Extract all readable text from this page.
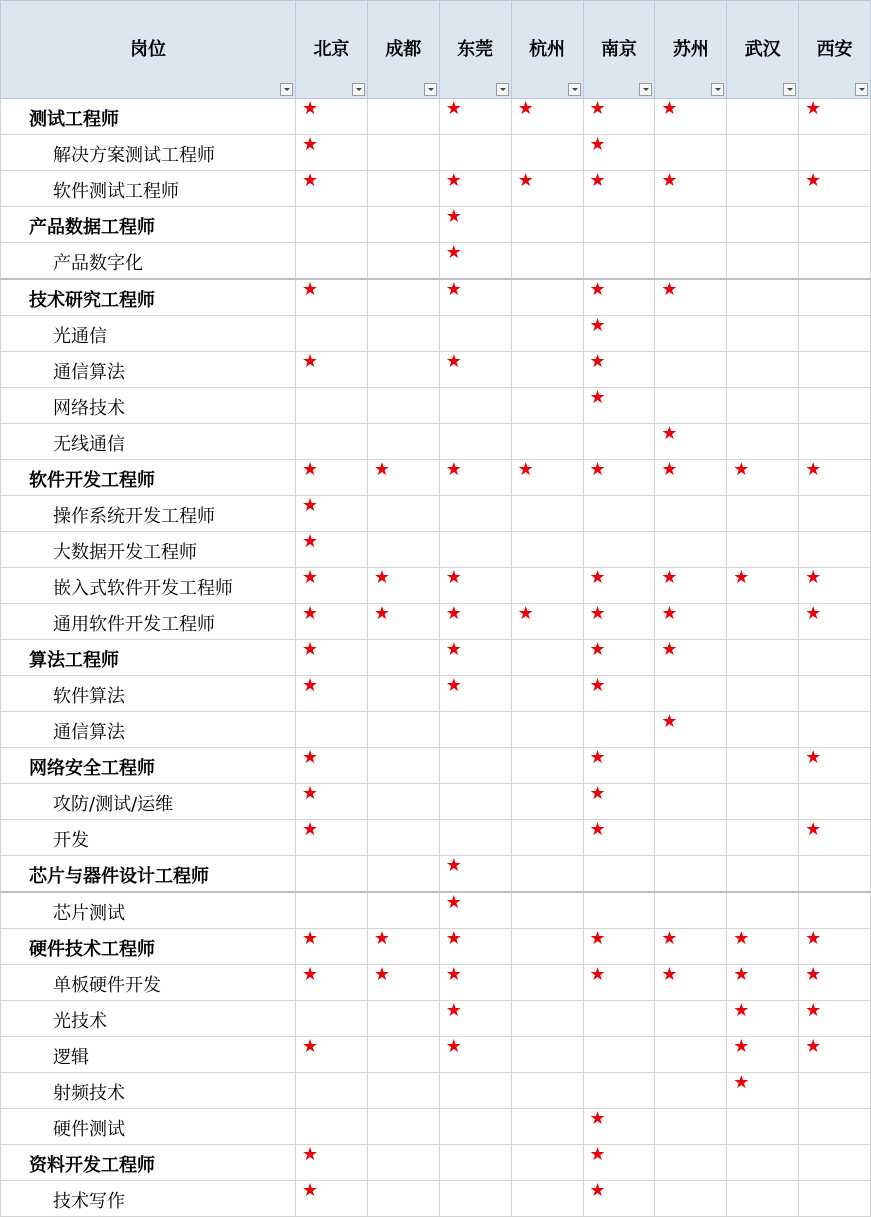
岗位	北京	成都	东莞	杭州	南京	苏州	武汉	西安

测试工程师	★		★	★	★	★		★
解决方案测试工程师	★				★			
软件测试工程师	★		★	★	★	★		★
产品数据工程师			★					
产品数字化			★					
技术研究工程师	★		★		★	★		
光通信					★			
通信算法	★		★		★			
网络技术					★			
无线通信						★		
软件开发工程师	★	★	★	★	★	★	★	★
操作系统开发工程师	★							
大数据开发工程师	★							
嵌入式软件开发工程师	★	★	★		★	★	★	★
通用软件开发工程师	★	★	★	★	★	★		★
算法工程师	★		★		★	★		
软件算法	★		★		★			
通信算法						★		
网络安全工程师	★				★			★
攻防/测试/运维	★				★			
开发	★				★			★
芯片与器件设计工程师			★					
芯片测试			★					
硬件技术工程师	★	★	★		★	★	★	★
单板硬件开发	★	★	★		★	★	★	★
光技术			★				★	★
逻辑	★		★				★	★
射频技术							★	
硬件测试					★			
资料开发工程师	★				★			
技术写作	★				★			
